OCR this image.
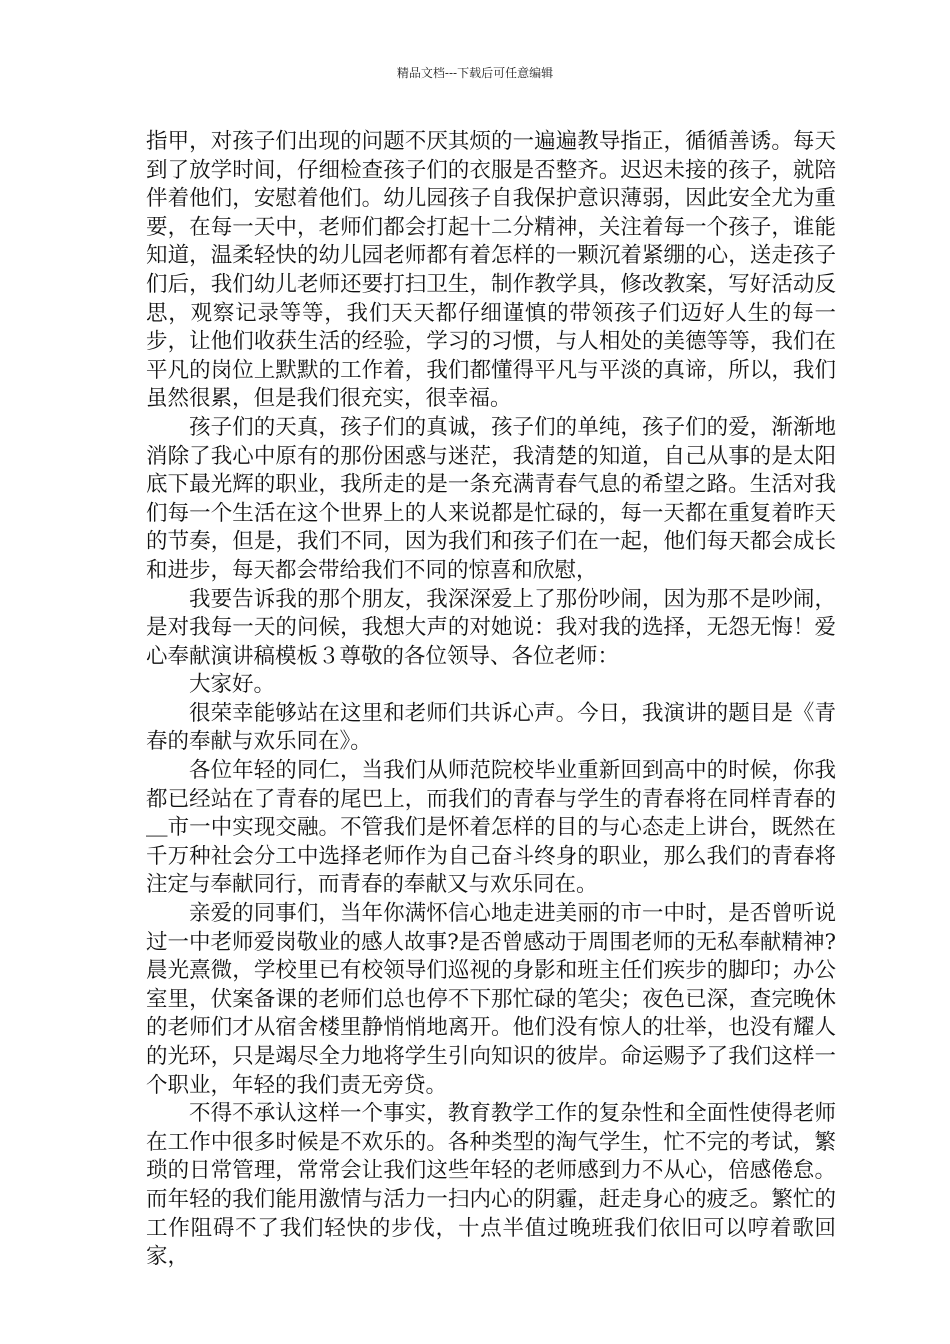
精品文档---下载后可任意编辑

指甲，对孩子们出现的问题不厌其烦的一遍遍教导指正，循循善诱。每天到了放学时间，仔细检查孩子们的衣服是否整齐。迟迟未接的孩子，就陪伴着他们，安慰着他们。幼儿园孩子自我保护意识薄弱，因此安全尤为重要，在每一天中，老师们都会打起十二分精神，关注着每一个孩子，谁能知道，温柔轻快的幼儿园老师都有着怎样的一颗沉着紧绷的心，送走孩子们后，我们幼儿老师还要打扫卫生，制作教学具，修改教案，写好活动反思，观察记录等等，我们天天都仔细谨慎的带领孩子们迈好人生的每一步，让他们收获生活的经验，学习的习惯，与人相处的美德等等，我们在平凡的岗位上默默的工作着，我们都懂得平凡与平淡的真谛，所以，我们虽然很累，但是我们很充实，很幸福。

孩子们的天真，孩子们的真诚，孩子们的单纯，孩子们的爱，渐渐地消除了我心中原有的那份困惑与迷茫，我清楚的知道，自己从事的是太阳底下最光辉的职业，我所走的是一条充满青春气息的希望之路。生活对我们每一个生活在这个世界上的人来说都是忙碌的，每一天都在重复着昨天的节奏，但是，我们不同，因为我们和孩子们在一起，他们每天都会成长和进步，每天都会带给我们不同的惊喜和欣慰，

我要告诉我的那个朋友，我深深爱上了那份吵闹，因为那不是吵闹，是对我每一天的问候，我想大声的对她说：我对我的选择，无怨无悔！爱心奉献演讲稿模板３尊敬的各位领导、各位老师：

大家好。

很荣幸能够站在这里和老师们共诉心声。今日，我演讲的题目是《青春的奉献与欢乐同在》。

各位年轻的同仁，当我们从师范院校毕业重新回到高中的时候，你我都已经站在了青春的尾巴上，而我们的青春与学生的青春将在同样青春的＿市一中实现交融。不管我们是怀着怎样的目的与心态走上讲台，既然在千万种社会分工中选择老师作为自己奋斗终身的职业，那么我们的青春将注定与奉献同行，而青春的奉献又与欢乐同在。

亲爱的同事们，当年你满怀信心地走进美丽的市一中时，是否曾听说过一中老师爱岗敬业的感人故事?是否曾感动于周围老师的无私奉献精神?晨光熹微，学校里已有校领导们巡视的身影和班主任们疾步的脚印；办公室里，伏案备课的老师们总也停不下那忙碌的笔尖；夜色已深，查完晚休的老师们才从宿舍楼里静悄悄地离开。他们没有惊人的壮举，也没有耀人的光环，只是竭尽全力地将学生引向知识的彼岸。命运赐予了我们这样一个职业，年轻的我们责无旁贷。

不得不承认这样一个事实，教育教学工作的复杂性和全面性使得老师在工作中很多时候是不欢乐的。各种类型的淘气学生，忙不完的考试，繁琐的日常管理，常常会让我们这些年轻的老师感到力不从心，倍感倦怠。而年轻的我们能用激情与活力一扫内心的阴霾，赶走身心的疲乏。繁忙的工作阻碍不了我们轻快的步伐，十点半值过晚班我们依旧可以哼着歌回家，
